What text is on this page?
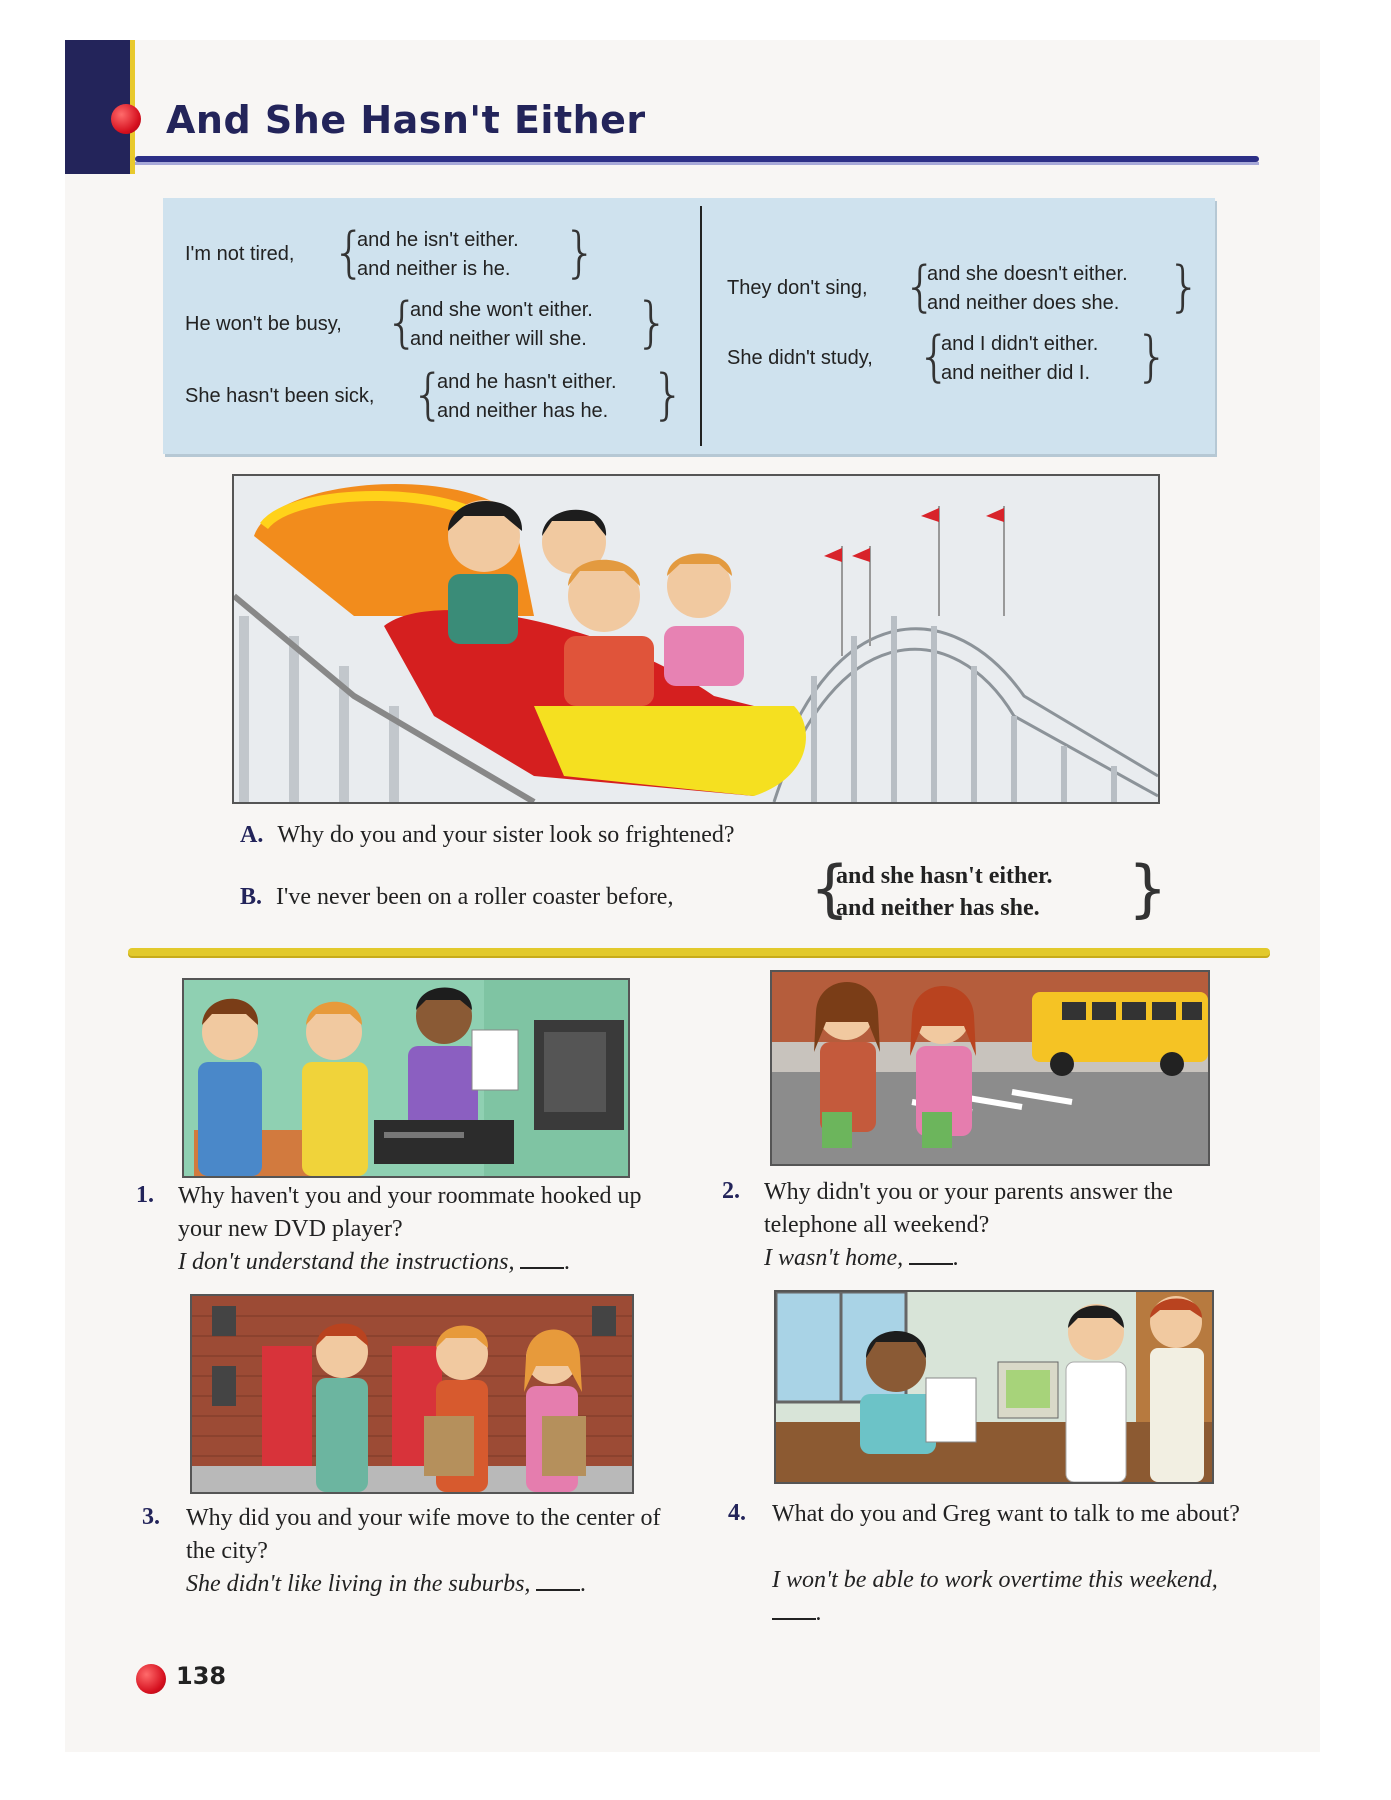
And She Hasn't Either
I'm not tired, {
and he isn't either.
and neither is he. }
He won't be busy, {
and she won't either.
and neither will she. }
She hasn't been sick, {
and he hasn't either.
and neither has he. }
They don't sing, {
and she doesn't either.
and neither does she. }
She didn't study, {
and I didn't either.
and neither did I. }
A. Why do you and your sister look so frightened?
B. I've never been on a roller coaster before, {
and she hasn't either.
and neither has she. }
1. Why haven't you and your roommate hooked up your new DVD player?
I don't understand the instructions, .
2. Why didn't you or your parents answer the telephone all weekend?
I wasn't home, .
3. Why did you and your wife move to the center of the city?
She didn't like living in the suburbs, .
4. What do you and Greg want to talk to me about?
I won't be able to work overtime this weekend, .
138
